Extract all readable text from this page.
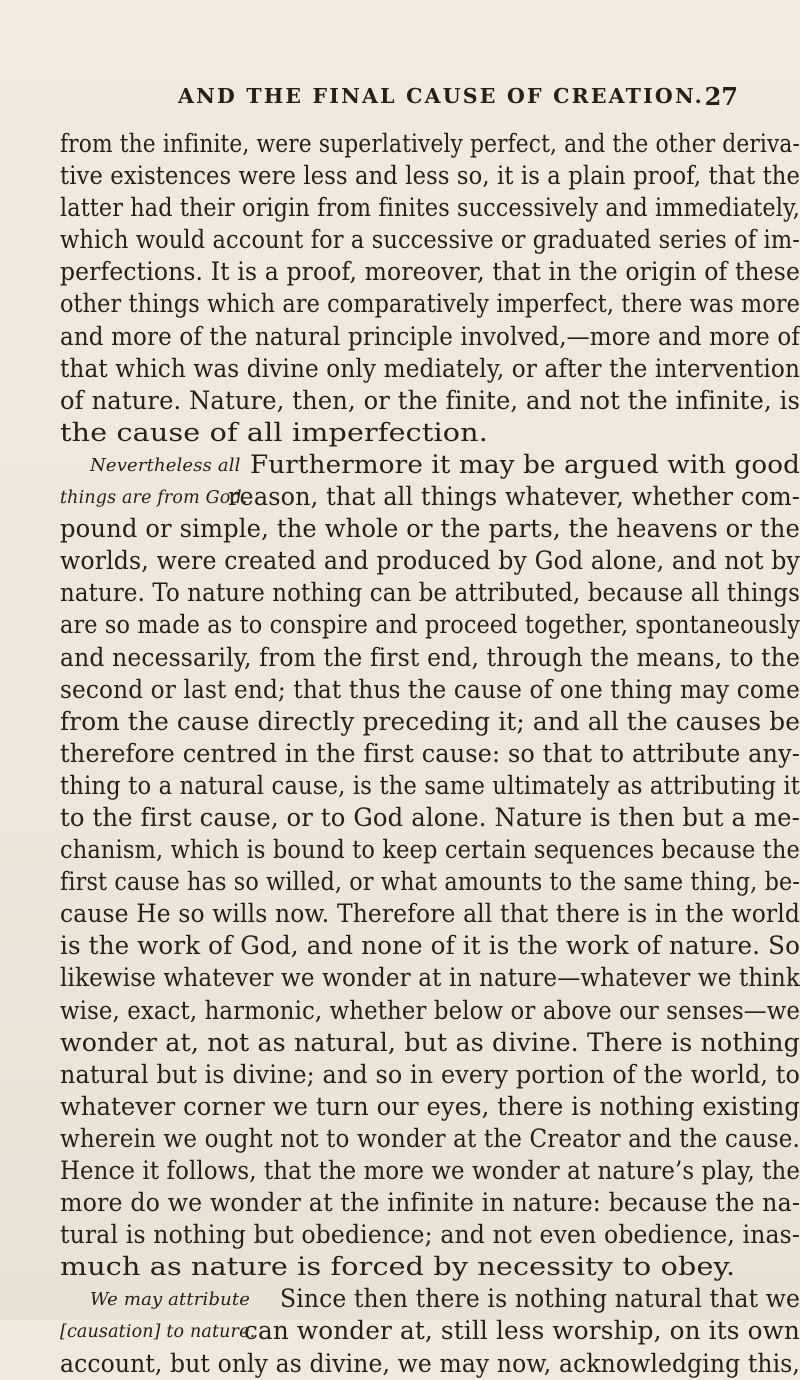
AND THE FINAL CAUSE OF CREATION. 27
from the infinite, were superlatively perfect, and the other deriva-
tive existences were less and less so, it is a plain proof, that the
latter had their origin from finites successively and immediately,
which would account for a successive or graduated series of im-
perfections. It is a proof, moreover, that in the origin of these
other things which are comparatively imperfect, there was more
and more of the natural principle involved,—more and more of
that which was divine only mediately, or after the intervention
of nature. Nature, then, or the finite, and not the infinite, is
the cause of all imperfection.
Nevertheless all Furthermore it may be argued with good
things are from God.
reason, that all things whatever, whether com-
pound or simple, the whole or the parts, the heavens or the
worlds, were created and produced by God alone, and not by
nature. To nature nothing can be attributed, because all things
are so made as to conspire and proceed together, spontaneously
and necessarily, from the first end, through the means, to the
second or last end; that thus the cause of one thing may come
from the cause directly preceding it; and all the causes be
therefore centred in the first cause: so that to attribute any-
thing to a natural cause, is the same ultimately as attributing it
to the first cause, or to God alone. Nature is then but a me-
chanism, which is bound to keep certain sequences because the
first cause has so willed, or what amounts to the same thing, be-
cause He so wills now. Therefore all that there is in the world
is the work of God, and none of it is the work of nature. So
likewise whatever we wonder at in nature—whatever we think
wise, exact, harmonic, whether below or above our senses—we
wonder at, not as natural, but as divine. There is nothing
natural but is divine; and so in every portion of the world, to
whatever corner we turn our eyes, there is nothing existing
wherein we ought not to wonder at the Creator and the cause.
Hence it follows, that the more we wonder at nature’s play, the
more do we wonder at the infinite in nature: because the na-
tural is nothing but obedience; and not even obedience, inas-
much as nature is forced by necessity to obey.
We may attribute Since then there is nothing natural that we
[causation] to nature.
can wonder at, still less worship, on its own
account, but only as divine, we may now, acknowledging this,
